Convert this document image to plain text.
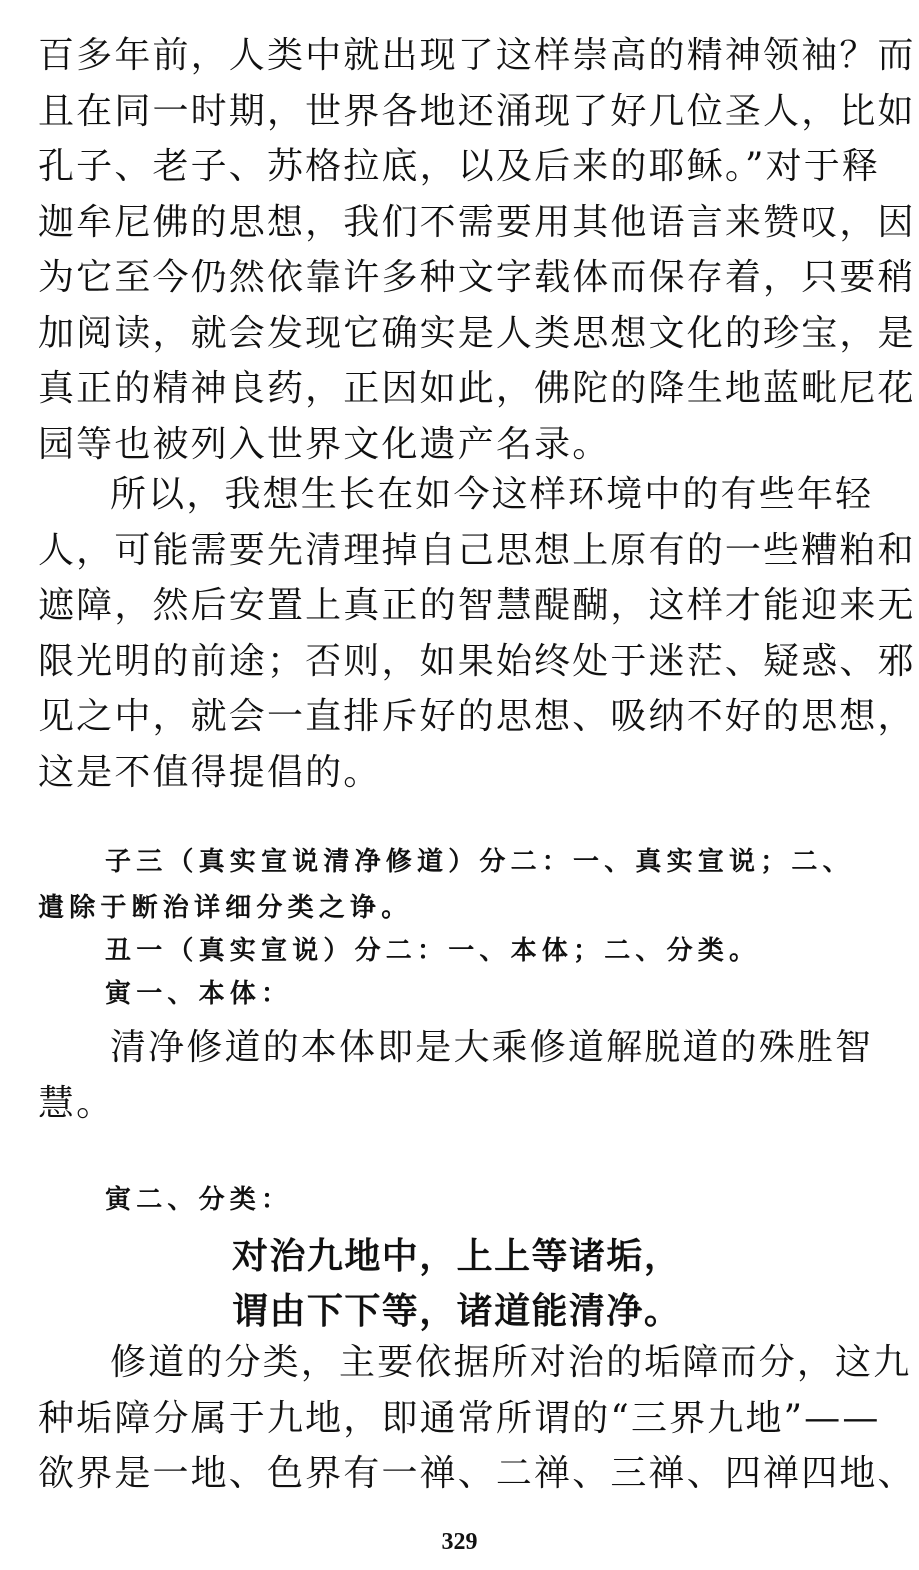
百多年前，人类中就出现了这样崇高的精神领袖？而
且在同一时期，世界各地还涌现了好几位圣人，比如
孔子、老子、苏格拉底，以及后来的耶稣。”对于释
迦牟尼佛的思想，我们不需要用其他语言来赞叹，因
为它至今仍然依靠许多种文字载体而保存着，只要稍
加阅读，就会发现它确实是人类思想文化的珍宝，是
真正的精神良药，正因如此，佛陀的降生地蓝毗尼花
园等也被列入世界文化遗产名录。
所以，我想生长在如今这样环境中的有些年轻
人，可能需要先清理掉自己思想上原有的一些糟粕和
遮障，然后安置上真正的智慧醍醐，这样才能迎来无
限光明的前途；否则，如果始终处于迷茫、疑惑、邪
见之中，就会一直排斥好的思想、吸纳不好的思想，
这是不值得提倡的。

子三（真实宣说清净修道）分二：一、真实宣说；二、

遣除于断治详细分类之诤。

丑一（真实宣说）分二：一、本体；二、分类。

寅一、本体：

清净修道的本体即是大乘修道解脱道的殊胜智
慧。

寅二、分类：

对治九地中，上上等诸垢，

谓由下下等，诸道能清净。

修道的分类，主要依据所对治的垢障而分，这九
种垢障分属于九地，即通常所谓的“三界九地”——
欲界是一地、色界有一禅、二禅、三禅、四禅四地、
329
